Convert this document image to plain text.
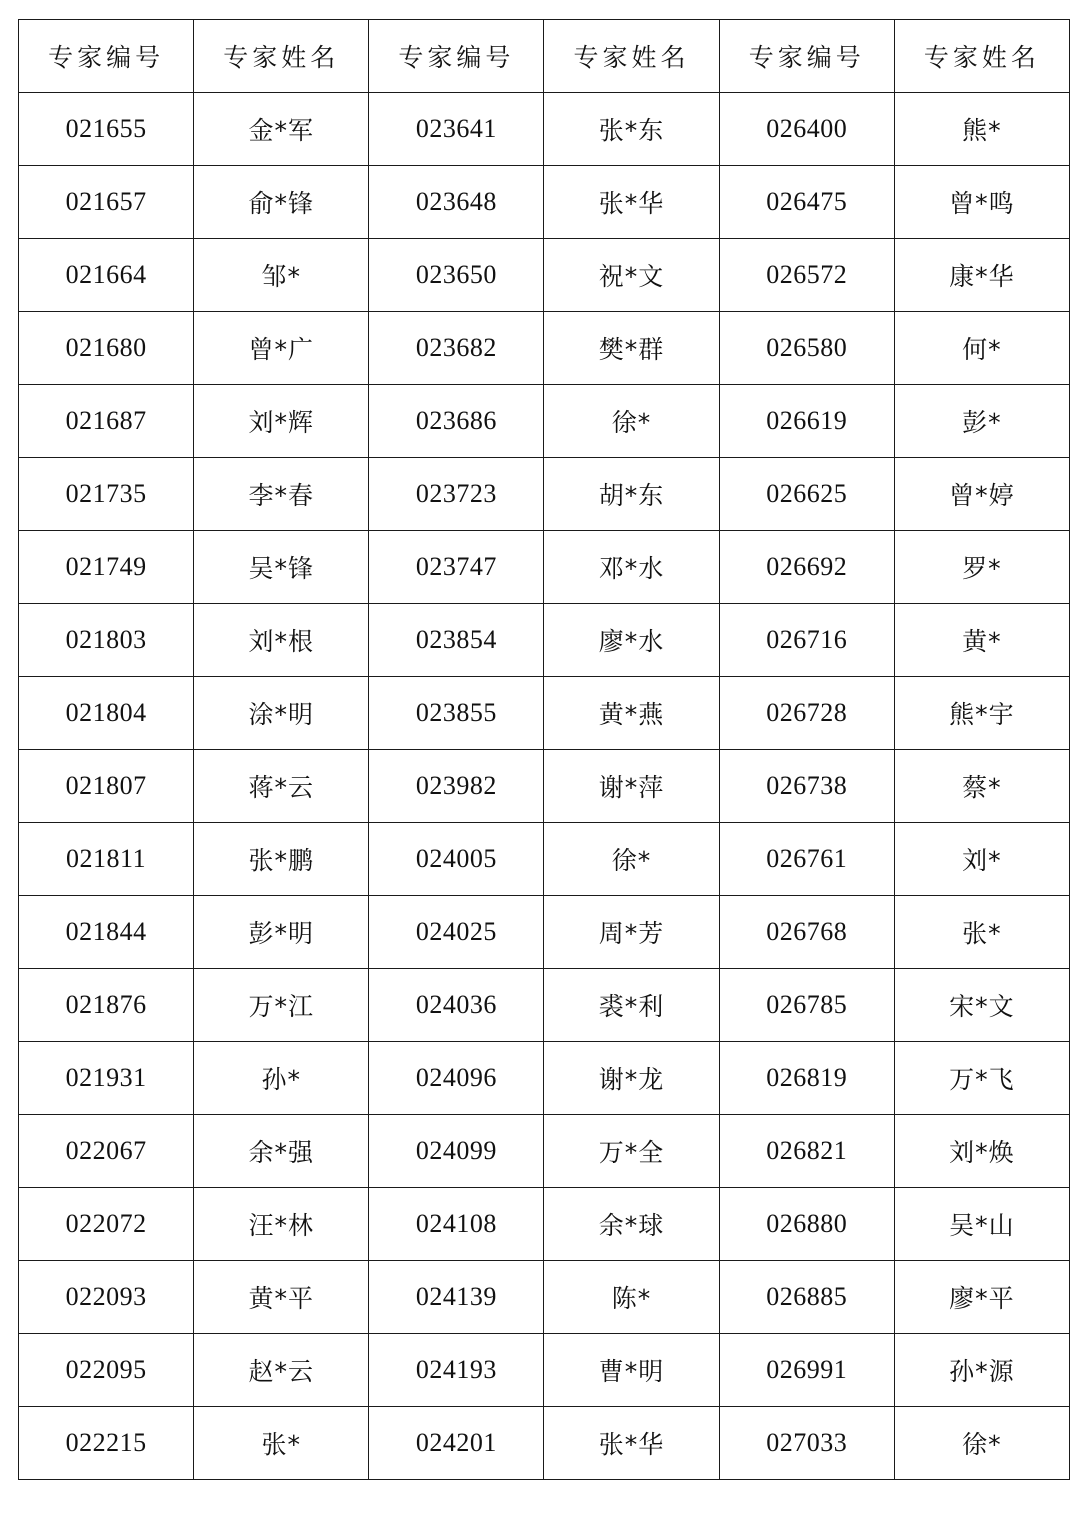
专家编号	专家姓名	专家编号	专家姓名	专家编号	专家姓名
021655	金*军	023641	张*东	026400	熊*
021657	俞*锋	023648	张*华	026475	曾*鸣
021664	邹*	023650	祝*文	026572	康*华
021680	曾*广	023682	樊*群	026580	何*
021687	刘*辉	023686	徐*	026619	彭*
021735	李*春	023723	胡*东	026625	曾*婷
021749	吴*锋	023747	邓*水	026692	罗*
021803	刘*根	023854	廖*水	026716	黄*
021804	涂*明	023855	黄*燕	026728	熊*宇
021807	蒋*云	023982	谢*萍	026738	蔡*
021811	张*鹏	024005	徐*	026761	刘*
021844	彭*明	024025	周*芳	026768	张*
021876	万*江	024036	裘*利	026785	宋*文
021931	孙*	024096	谢*龙	026819	万*飞
022067	余*强	024099	万*全	026821	刘*焕
022072	汪*林	024108	余*球	026880	吴*山
022093	黄*平	024139	陈*	026885	廖*平
022095	赵*云	024193	曹*明	026991	孙*源
022215	张*	024201	张*华	027033	徐*
